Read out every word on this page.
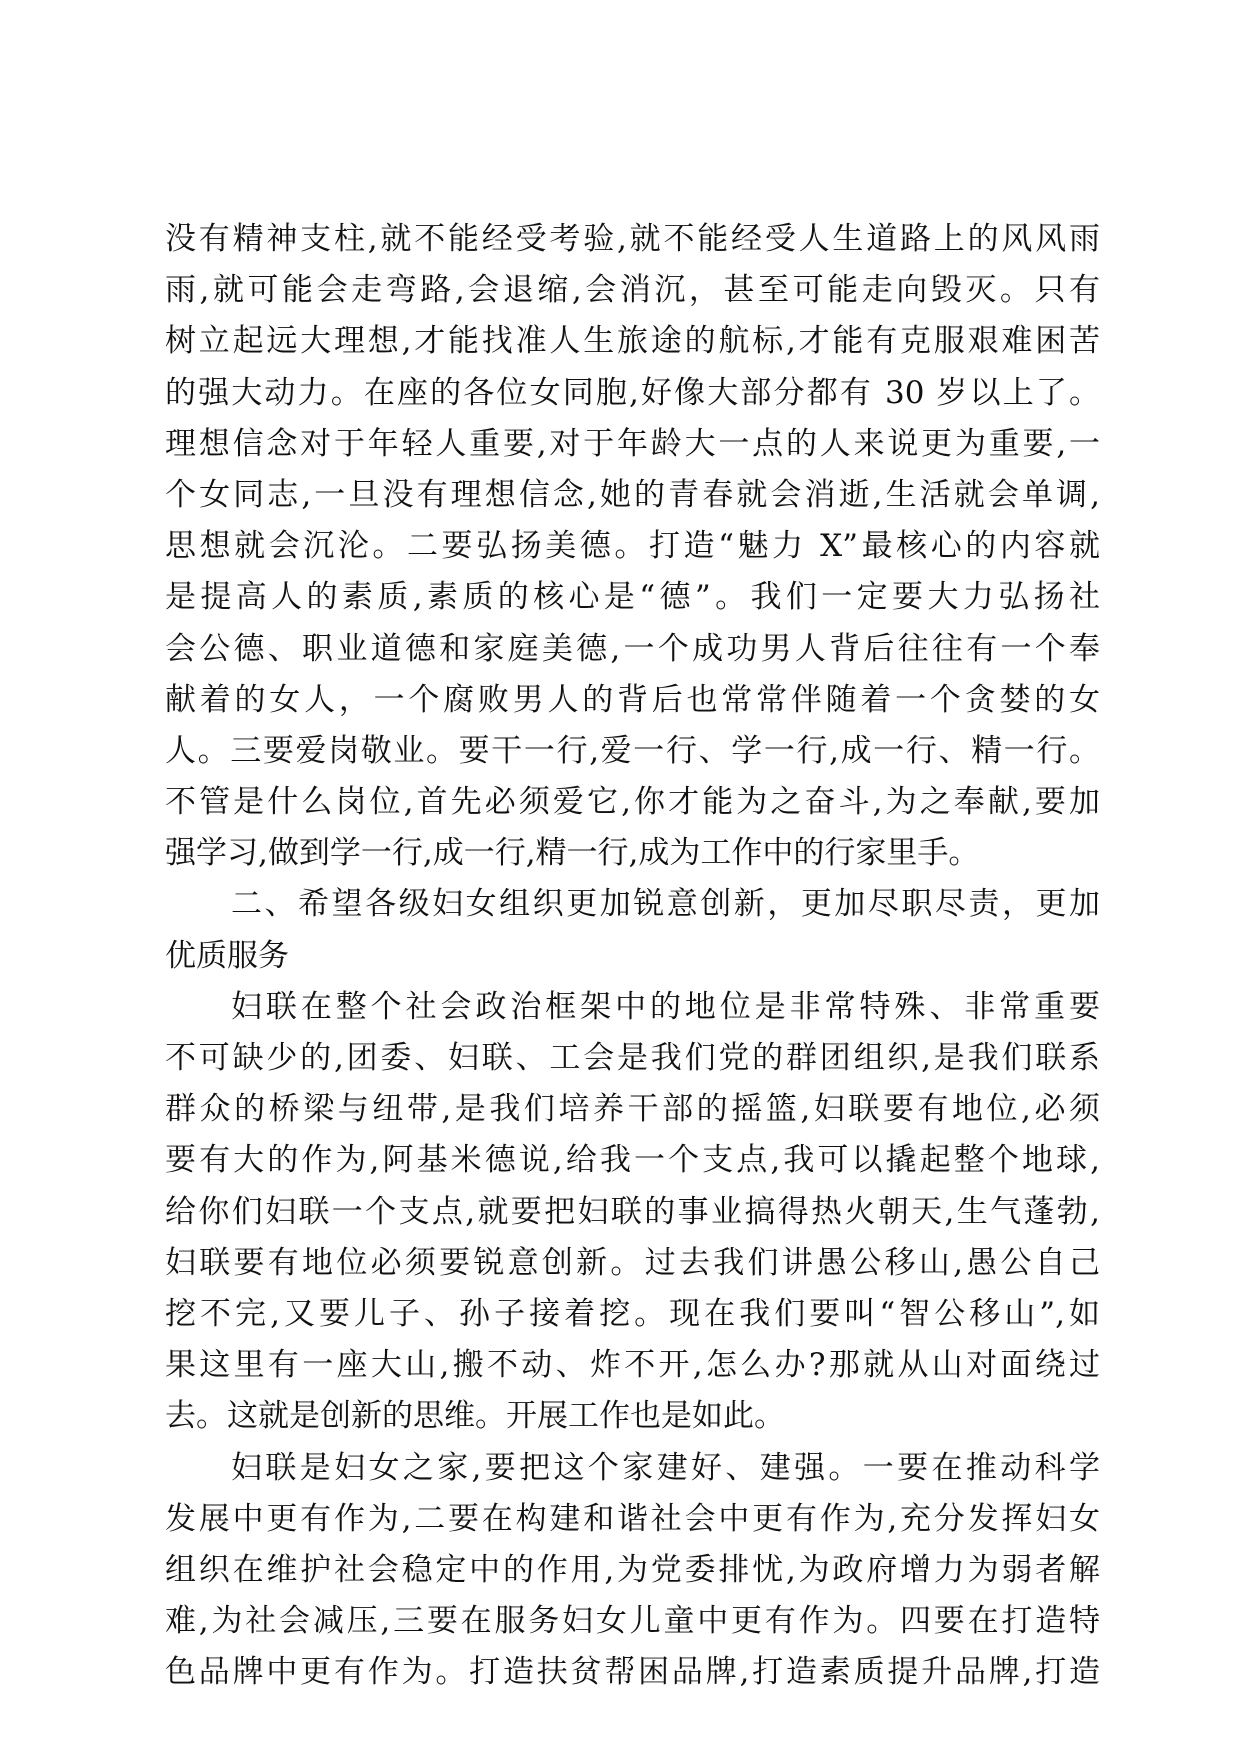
没有精神支柱,就不能经受考验,就不能经受人生道路上的风风雨
雨,就可能会走弯路,会退缩,会消沉，甚至可能走向毁灭。只有
树立起远大理想,才能找准人生旅途的航标,才能有克服艰难困苦
的强大动力。在座的各位女同胞,好像大部分都有 30 岁以上了。
理想信念对于年轻人重要,对于年龄大一点的人来说更为重要,一
个女同志,一旦没有理想信念,她的青春就会消逝,生活就会单调,
思想就会沉沦。二要弘扬美德。打造“魅力 X”最核心的内容就
是提高人的素质,素质的核心是“德”。我们一定要大力弘扬社
会公德、职业道德和家庭美德,一个成功男人背后往往有一个奉
献着的女人，一个腐败男人的背后也常常伴随着一个贪婪的女
人。三要爱岗敬业。要干一行,爱一行、学一行,成一行、精一行。
不管是什么岗位,首先必须爱它,你才能为之奋斗,为之奉献,要加
强学习,做到学一行,成一行,精一行,成为工作中的行家里手。
二、希望各级妇女组织更加锐意创新，更加尽职尽责，更加
优质服务
妇联在整个社会政治框架中的地位是非常特殊、非常重要
不可缺少的,团委、妇联、工会是我们党的群团组织,是我们联系
群众的桥梁与纽带,是我们培养干部的摇篮,妇联要有地位,必须
要有大的作为,阿基米德说,给我一个支点,我可以撬起整个地球,
给你们妇联一个支点,就要把妇联的事业搞得热火朝天,生气蓬勃,
妇联要有地位必须要锐意创新。过去我们讲愚公移山,愚公自己
挖不完,又要儿子、孙子接着挖。现在我们要叫“智公移山”,如
果这里有一座大山,搬不动、炸不开,怎么办?那就从山对面绕过
去。这就是创新的思维。开展工作也是如此。
妇联是妇女之家,要把这个家建好、建强。一要在推动科学
发展中更有作为,二要在构建和谐社会中更有作为,充分发挥妇女
组织在维护社会稳定中的作用,为党委排忧,为政府增力为弱者解
难,为社会减压,三要在服务妇女儿童中更有作为。四要在打造特
色品牌中更有作为。打造扶贫帮困品牌,打造素质提升品牌,打造
